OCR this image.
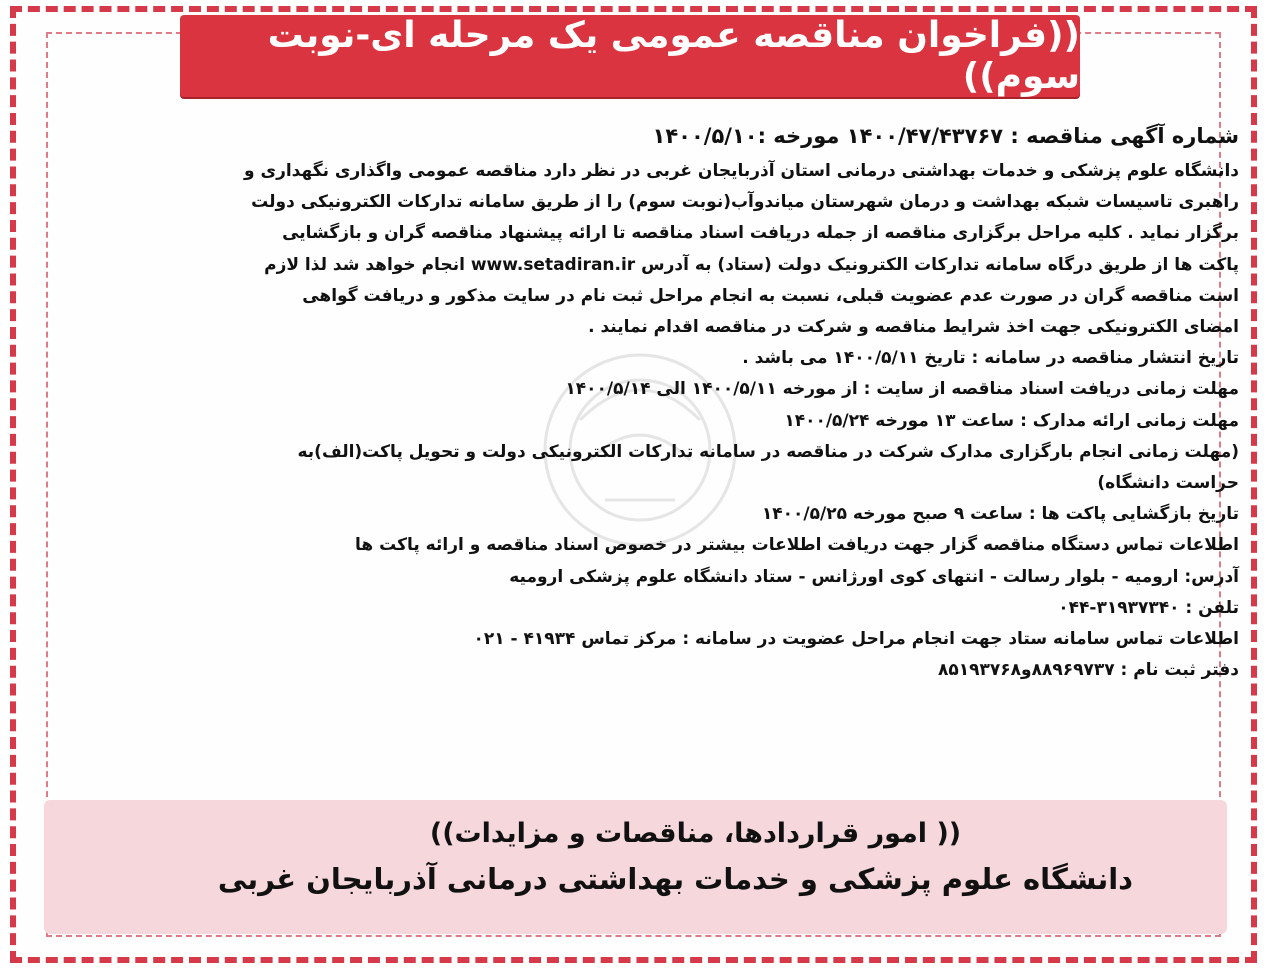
((فراخوان مناقصه عمومی یک مرحله ای-نوبت سوم))
شماره آگهی مناقصه : ۱۴۰۰/۴۷/۴۳۷۶۷ مورخه :۱۴۰۰/۵/۱۰
دانشگاه علوم پزشکی و خدمات بهداشتی درمانی استان آذربایجان غربی در نظر دارد مناقصه عمومی واگذاری نگهداری و
راهبری تاسیسات شبکه بهداشت و درمان شهرستان میاندوآب(نوبت سوم) را از طریق سامانه تدارکات الکترونیکی دولت
برگزار نماید . کلیه مراحل برگزاری مناقصه از جمله دریافت اسناد مناقصه تا ارائه پیشنهاد مناقصه گران و بازگشایی
پاکت ها از طریق درگاه سامانه تدارکات الکترونیک دولت (ستاد) به آدرس www.setadiran.ir انجام خواهد شد لذا لازم
است مناقصه گران در صورت عدم عضویت قبلی، نسبت به انجام مراحل ثبت نام در سایت مذکور و دریافت گواهی
امضای الکترونیکی جهت اخذ شرایط مناقصه و شرکت در مناقصه اقدام نمایند .
تاریخ انتشار مناقصه در سامانه : تاریخ ۱۴۰۰/۵/۱۱ می باشد .
مهلت زمانی دریافت اسناد مناقصه از سایت : از مورخه ۱۴۰۰/۵/۱۱ الی ۱۴۰۰/۵/۱۴
مهلت زمانی ارائه مدارک : ساعت ۱۳ مورخه ۱۴۰۰/۵/۲۴
(مهلت زمانی انجام بارگزاری مدارک شرکت در مناقصه در سامانه تدارکات الکترونیکی دولت و تحویل پاکت(الف)به
حراست دانشگاه)
تاریخ بازگشایی پاکت ها : ساعت ۹ صبح مورخه ۱۴۰۰/۵/۲۵
اطلاعات تماس دستگاه مناقصه گزار جهت دریافت اطلاعات بیشتر در خصوص اسناد مناقصه و ارائه پاکت ها
آدرس: ارومیه - بلوار رسالت - انتهای کوی اورژانس - ستاد دانشگاه علوم پزشکی ارومیه
تلفن : ۳۱۹۳۷۳۴۰-۰۴۴
اطلاعات تماس سامانه ستاد جهت انجام مراحل عضویت در سامانه : مرکز تماس ۴۱۹۳۴ - ۰۲۱
دفتر ثبت نام : ۸۸۹۶۹۷۳۷و۸۵۱۹۳۷۶۸
(( امور قراردادها، مناقصات و مزایدات))
دانشگاه علوم پزشکی و خدمات بهداشتی درمانی آذربایجان غربی
